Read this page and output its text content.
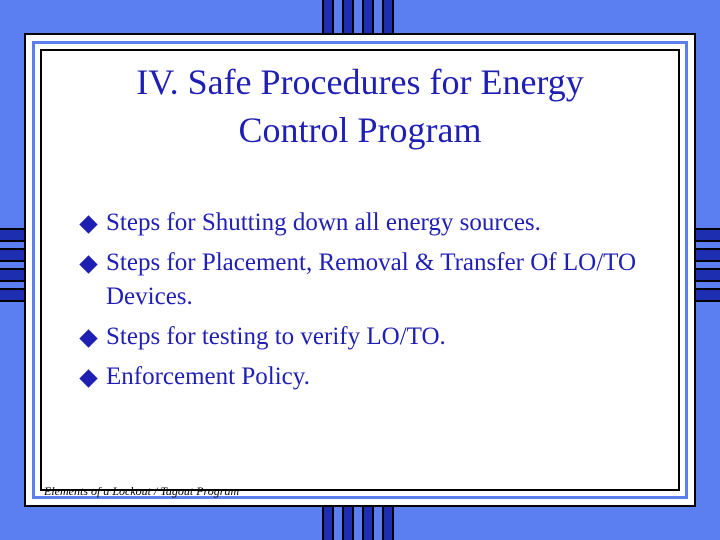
IV. Safe Procedures for Energy
Control Program
Steps for Shutting down all energy sources.
Steps for Placement, Removal & Transfer Of LO/TO Devices.
Steps for testing to verify LO/TO.
Enforcement Policy.
Elements of a Lockout / Tagout Program
